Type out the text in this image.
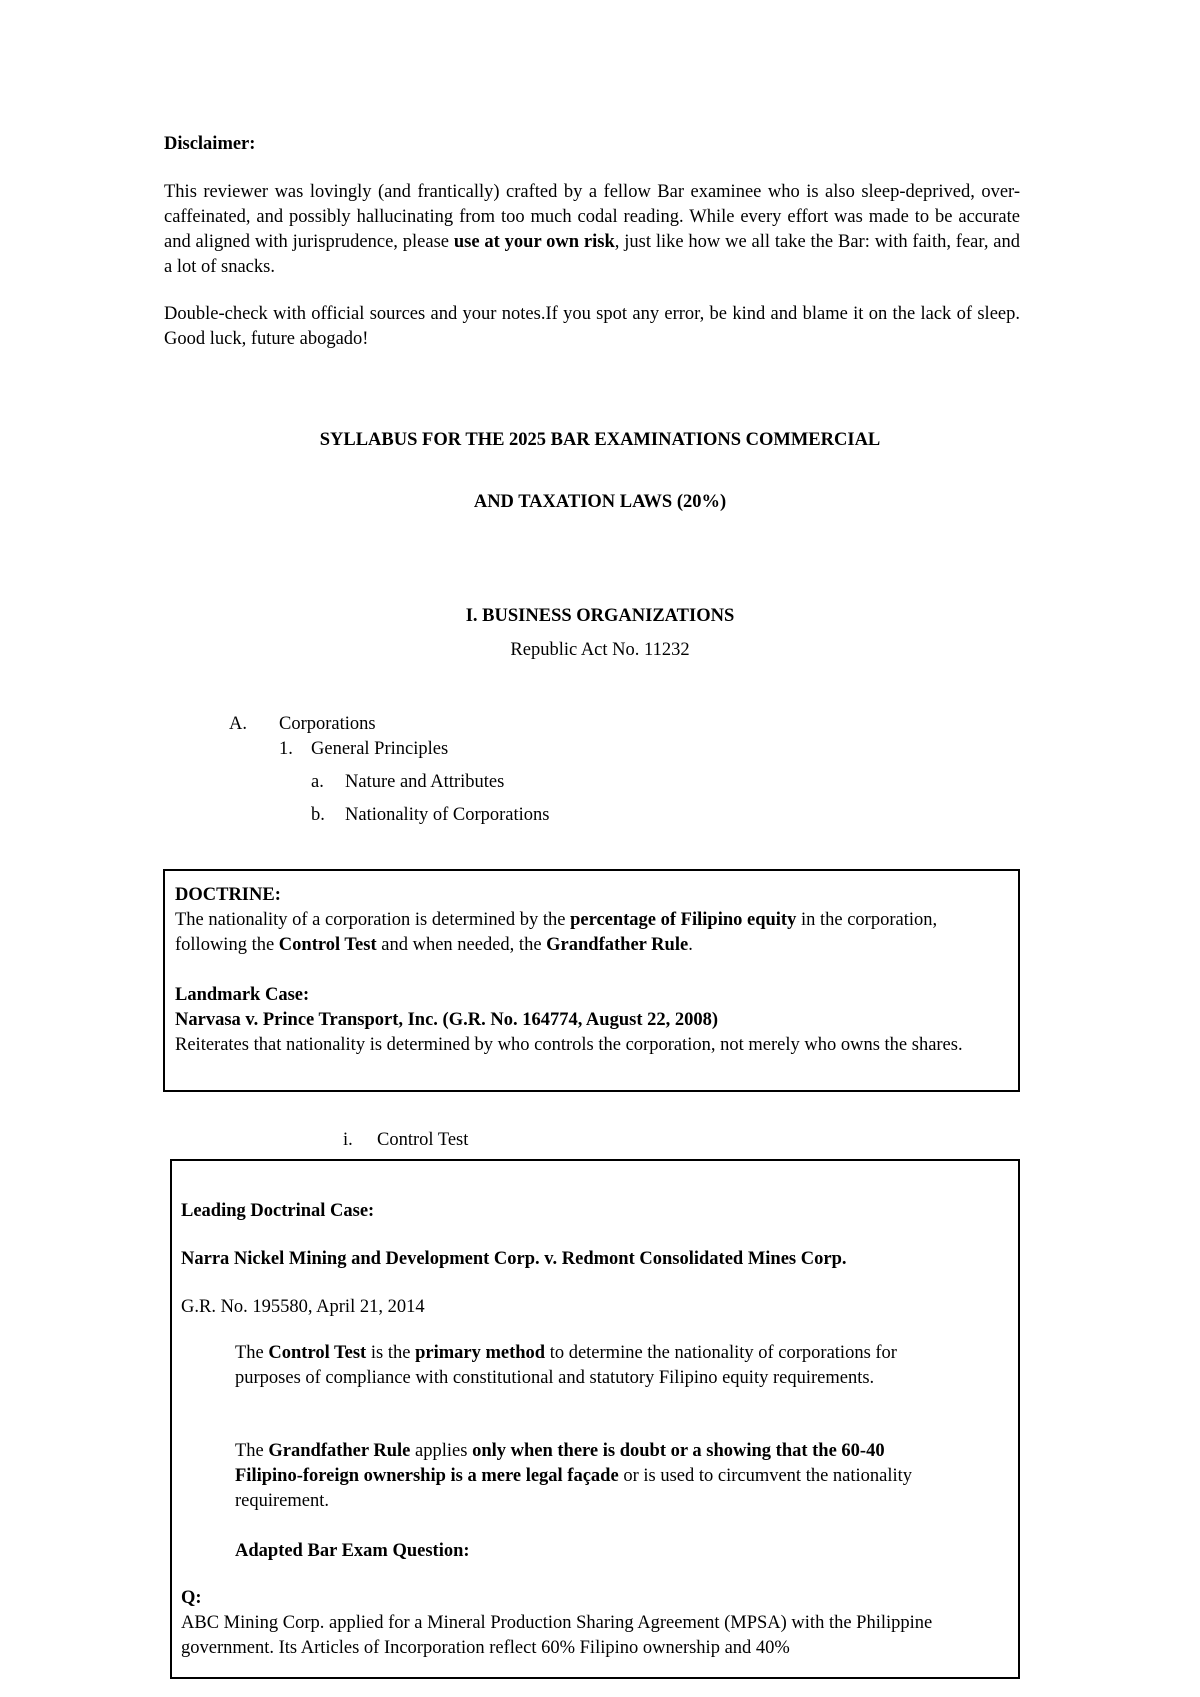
Disclaimer:

This reviewer was lovingly (and frantically) crafted by a fellow Bar examinee who is also sleep-deprived, over-caffeinated, and possibly hallucinating from too much codal reading. While every effort was made to be accurate and aligned with jurisprudence, please use at your own risk, just like how we all take the Bar: with faith, fear, and a lot of snacks.

Double-check with official sources and your notes.If you spot any error, be kind and blame it on the lack of sleep. Good luck, future abogado!

SYLLABUS FOR THE 2025 BAR EXAMINATIONS COMMERCIAL
AND TAXATION LAWS (20%)
I. BUSINESS ORGANIZATIONS
Republic Act No. 11232
A. Corporations
1. General Principles
a. Nature and Attributes
b. Nationality of Corporations
DOCTRINE:

The nationality of a corporation is determined by the percentage of Filipino equity in the corporation, following the Control Test and when needed, the Grandfather Rule.

Landmark Case:
Narvasa v. Prince Transport, Inc. (G.R. No. 164774, August 22, 2008)

Reiterates that nationality is determined by who controls the corporation, not merely who owns the shares.

i. Control Test
Leading Doctrinal Case:
Narra Nickel Mining and Development Corp. v. Redmont Consolidated Mines Corp.
G.R. No. 195580, April 21, 2014

The Control Test is the primary method to determine the nationality of corporations for purposes of compliance with constitutional and statutory Filipino equity requirements.

The Grandfather Rule applies only when there is doubt or a showing that the 60-40 Filipino-foreign ownership is a mere legal façade or is used to circumvent the nationality requirement.

Adapted Bar Exam Question:
Q:

ABC Mining Corp. applied for a Mineral Production Sharing Agreement (MPSA) with the Philippine government. Its Articles of Incorporation reflect 60% Filipino ownership and 40%
